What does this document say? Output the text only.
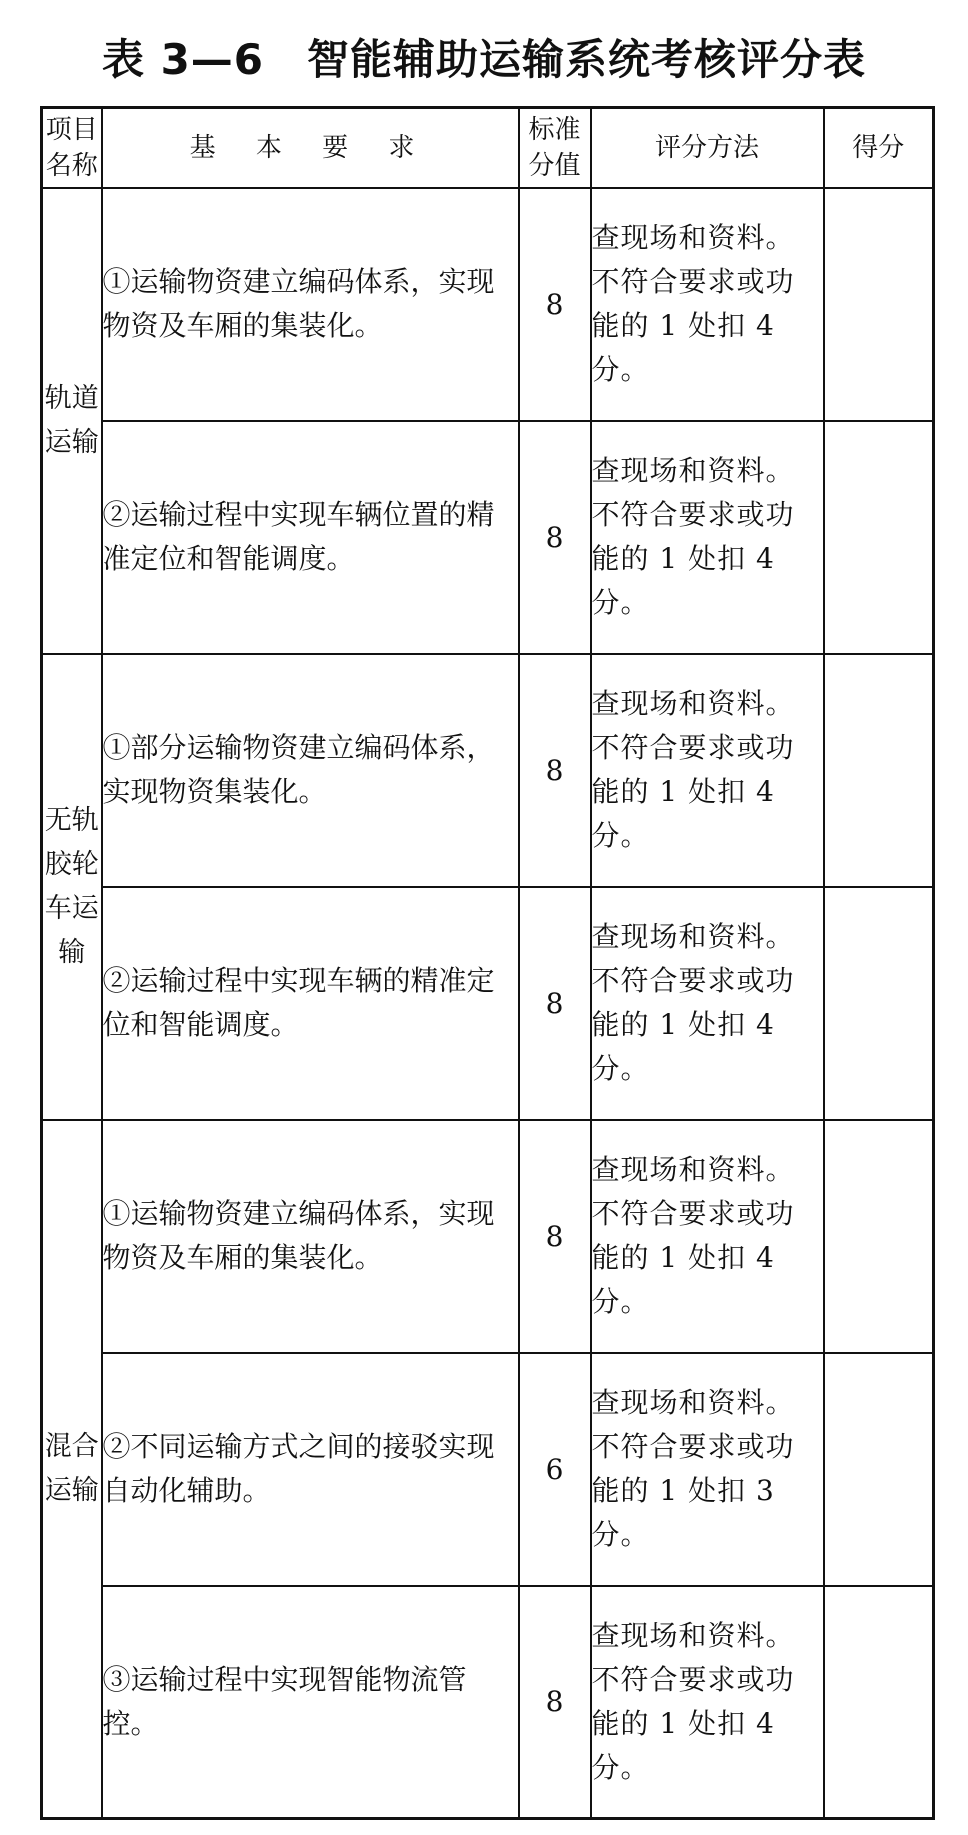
表 3—6　智能辅助运输系统考核评分表
项目名称	基 本 要 求	标准分值	评分方法	得分
轨道运输	①运输物资建立编码体系，实现物资及车厢的集装化。	8	查现场和资料。不符合要求或功能的 1 处扣 4 分。	
	②运输过程中实现车辆位置的精准定位和智能调度。	8	查现场和资料。不符合要求或功能的 1 处扣 4 分。	
无轨胶轮车运输	①部分运输物资建立编码体系，实现物资集装化。	8	查现场和资料。不符合要求或功能的 1 处扣 4 分。	
	②运输过程中实现车辆的精准定位和智能调度。	8	查现场和资料。不符合要求或功能的 1 处扣 4 分。	
混合运输	①运输物资建立编码体系，实现物资及车厢的集装化。	8	查现场和资料。不符合要求或功能的 1 处扣 4 分。	
	②不同运输方式之间的接驳实现自动化辅助。	6	查现场和资料。不符合要求或功能的 1 处扣 3 分。	
	③运输过程中实现智能物流管控。	8	查现场和资料。不符合要求或功能的 1 处扣 4 分。	
